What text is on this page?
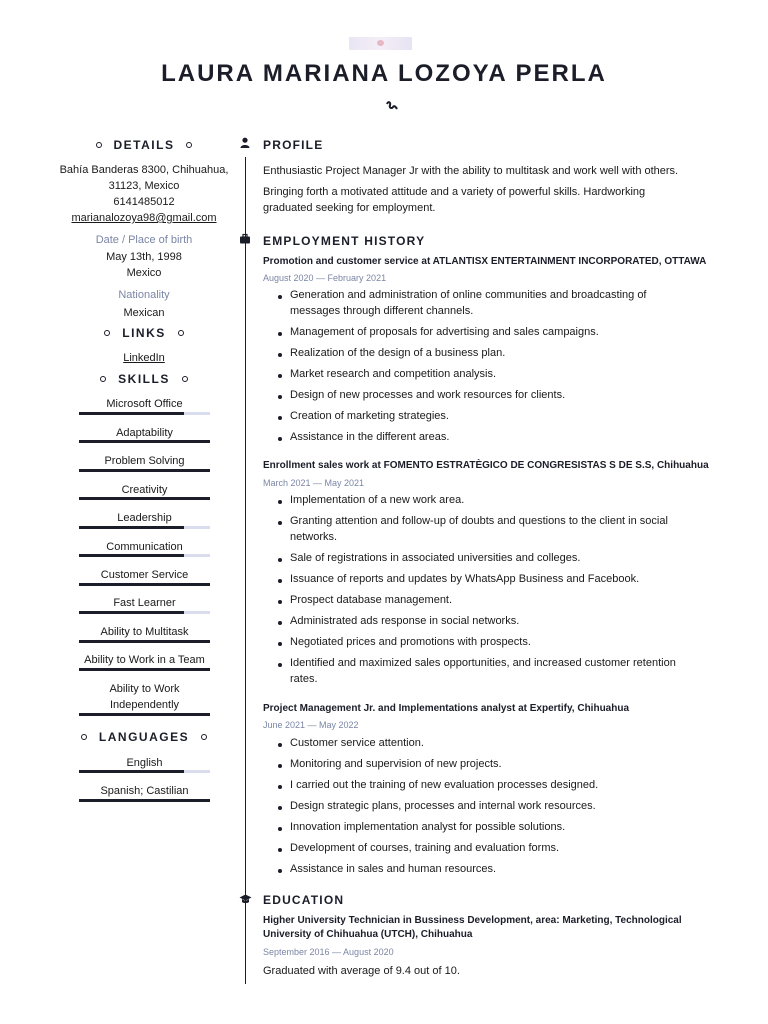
LAURA MARIANA LOZOYA PERLA
DETAILS
Bahía Banderas 8300, Chihuahua,
31123, Mexico
6141485012
marianalozoya98@gmail.com
Date / Place of birth
May 13th, 1998
Mexico
Nationality
Mexican
LINKS
LinkedIn
SKILLS
Microsoft Office
Adaptability
Problem Solving
Creativity
Leadership
Communication
Customer Service
Fast Learner
Ability to Multitask
Ability to Work in a Team
Ability to Work Independently
LANGUAGES
English
Spanish; Castilian
PROFILE
Enthusiastic Project Manager Jr with the ability to multitask and work well with others.
Bringing forth a motivated attitude and a variety of powerful skills. Hardworking graduated seeking for employment.
EMPLOYMENT HISTORY
Promotion and customer service at ATLANTISX ENTERTAINMENT INCORPORATED, OTTAWA
August 2020 — February 2021
Generation and administration of online communities and broadcasting of messages through different channels.
Management of proposals for advertising and sales campaigns.
Realization of the design of a business plan.
Market research and competition analysis.
Design of new processes and work resources for clients.
Creation of marketing strategies.
Assistance in the different areas.
Enrollment sales work at FOMENTO ESTRATÈGICO DE CONGRESISTAS S DE S.S, Chihuahua
March 2021 — May 2021
Implementation of a new work area.
Granting attention and follow-up of doubts and questions to the client in social networks.
Sale of registrations in associated universities and colleges.
Issuance of reports and updates by WhatsApp Business and Facebook.
Prospect database management.
Administrated ads response in social networks.
Negotiated prices and promotions with prospects.
Identified and maximized sales opportunities, and increased customer retention rates.
Project Management Jr. and Implementations analyst at Expertify, Chihuahua
June 2021 — May 2022
Customer service attention.
Monitoring and supervision of new projects.
I carried out the training of new evaluation processes designed.
Design strategic plans, processes and internal work resources.
Innovation implementation analyst for possible solutions.
Development of courses, training and evaluation forms.
Assistance in sales and human resources.
EDUCATION
Higher University Technician in Bussiness Development, area: Marketing, Technological University of Chihuahua (UTCH), Chihuahua
September 2016 — August 2020
Graduated with average of 9.4 out of 10.
